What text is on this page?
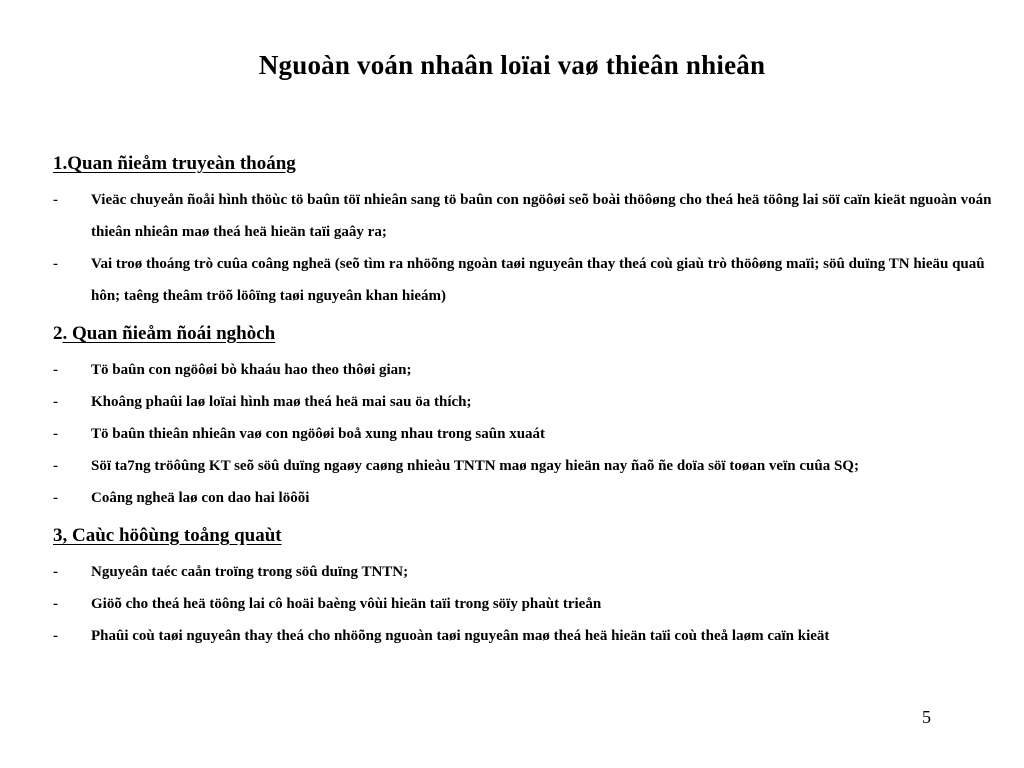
Nguoàn voán nhaân loïai vaø thieân nhieân
1.Quan ñieåm truyeàn thoáng
- Vieäc chuyeån ñoåi hình thöùc tö baûn töï nhieân sang tö baûn con ngöôøi seõ boài thöôøng cho theá heä töông lai söï caïn kieät nguoàn voán thieân nhieân maø theá heä hieän taïi gaây ra;
- Vai troø thoáng trò cuûa coâng ngheä (seõ tìm ra nhöõng ngoàn taøi nguyeân thay theá coù giaù trò thöôøng maïi; söû duïng TN hieäu quaû hôn; taêng theâm tröõ löôïng taøi nguyeân khan hieám)
2. Quan ñieåm ñoái nghòch
- Tö baûn con ngöôøi bò khaáu hao theo thôøi gian;
- Khoâng phaûi laø loïai hình maø theá heä mai sau öa thích;
- Tö baûn thieân nhieân vaø con ngöôøi boå xung nhau trong saûn xuaát
- Söï ta7ng tröôûng KT seõ söû duïng ngaøy caøng nhieàu TNTN maø ngay hieän nay ñaõ ñe doïa söï toøan veïn cuûa SQ;
- Coâng ngheä laø con dao hai löôõi
3, Caùc höôùng toång quaùt
- Nguyeân taéc caån troïng trong söû duïng TNTN;
- Giöõ cho theá heä töông lai cô hoäi baèng vôùi hieän taïi trong söïy phaùt trieån
- Phaûi coù taøi nguyeân thay theá cho nhöõng nguoàn taøi nguyeân maø theá heä hieän taïi coù theå laøm caïn kieät
5
